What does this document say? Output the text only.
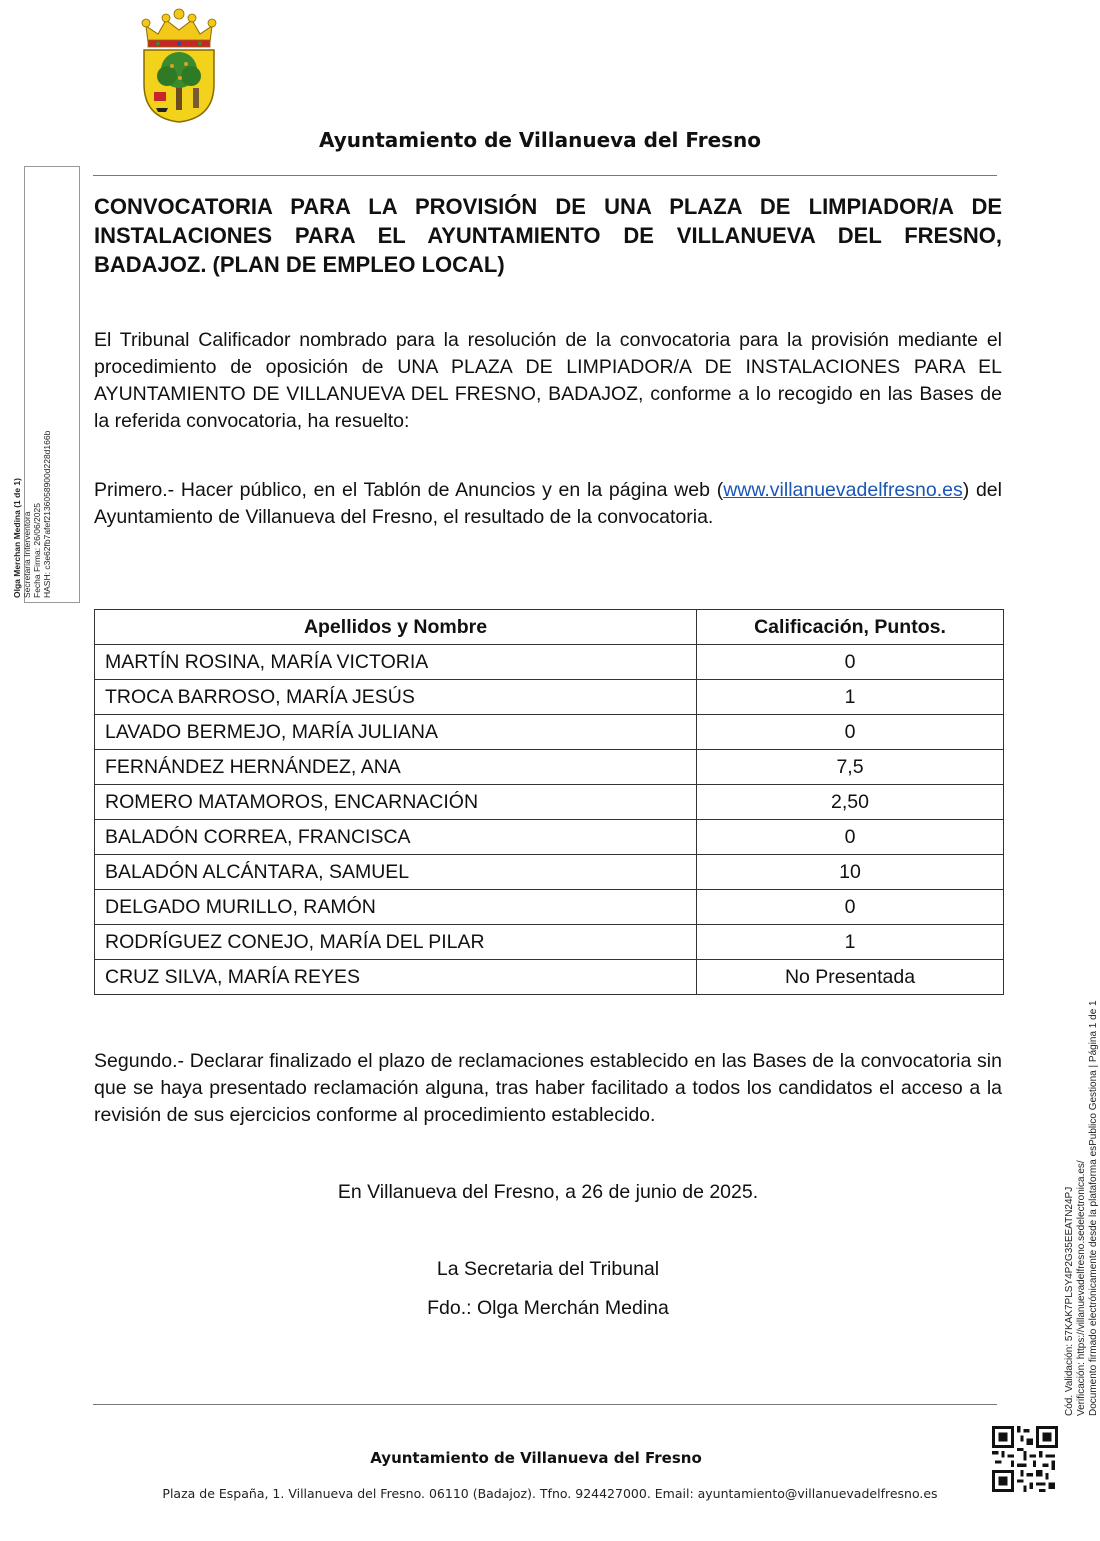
Ayuntamiento de Villanueva del Fresno
Olga Merchan Medina (1 de 1) Secretaria Interventora Fecha Firma: 26/06/2025 HASH: c3e62fb7afef2136058900d228d166b
Cód. Validación: 57KAK7PLSY4P2G35EEATN24PJ Verificación: https://villanuevadelfresno.sedelectronica.es/ Documento firmado electrónicamente desde la plataforma esPublico Gestiona | Página 1 de 1
CONVOCATORIA PARA LA PROVISIÓN DE UNA PLAZA DE LIMPIADOR/A DE INSTALACIONES PARA EL AYUNTAMIENTO DE VILLANUEVA DEL FRESNO, BADAJOZ. (PLAN DE EMPLEO LOCAL)
El Tribunal Calificador nombrado para la resolución de la convocatoria para la provisión mediante el procedimiento de oposición de UNA PLAZA DE LIMPIADOR/A DE INSTALACIONES PARA EL AYUNTAMIENTO DE VILLANUEVA DEL FRESNO, BADAJOZ, conforme a lo recogido en las Bases de la referida convocatoria, ha resuelto:
Primero.- Hacer público, en el Tablón de Anuncios y en la página web (www.villanuevadelfresno.es) del Ayuntamiento de Villanueva del Fresno, el resultado de la convocatoria.
Apellidos y Nombre	Calificación, Puntos.
MARTÍN ROSINA, MARÍA VICTORIA	0
TROCA BARROSO, MARÍA JESÚS	1
LAVADO BERMEJO, MARÍA JULIANA	0
FERNÁNDEZ HERNÁNDEZ, ANA	7,5
ROMERO MATAMOROS, ENCARNACIÓN	2,50
BALADÓN CORREA, FRANCISCA	0
BALADÓN ALCÁNTARA, SAMUEL	10
DELGADO MURILLO, RAMÓN	0
RODRÍGUEZ CONEJO, MARÍA DEL PILAR	1
CRUZ SILVA, MARÍA REYES	No Presentada
Segundo.- Declarar finalizado el plazo de reclamaciones establecido en las Bases de la convocatoria sin que se haya presentado reclamación alguna, tras haber facilitado a todos los candidatos el acceso a la revisión de sus ejercicios conforme al procedimiento establecido.
En Villanueva del Fresno, a 26 de junio de 2025.
La Secretaria del Tribunal
Fdo.: Olga Merchán Medina
Ayuntamiento de Villanueva del Fresno
Plaza de España, 1. Villanueva del Fresno. 06110 (Badajoz). Tfno. 924427000. Email: ayuntamiento@villanuevadelfresno.es
